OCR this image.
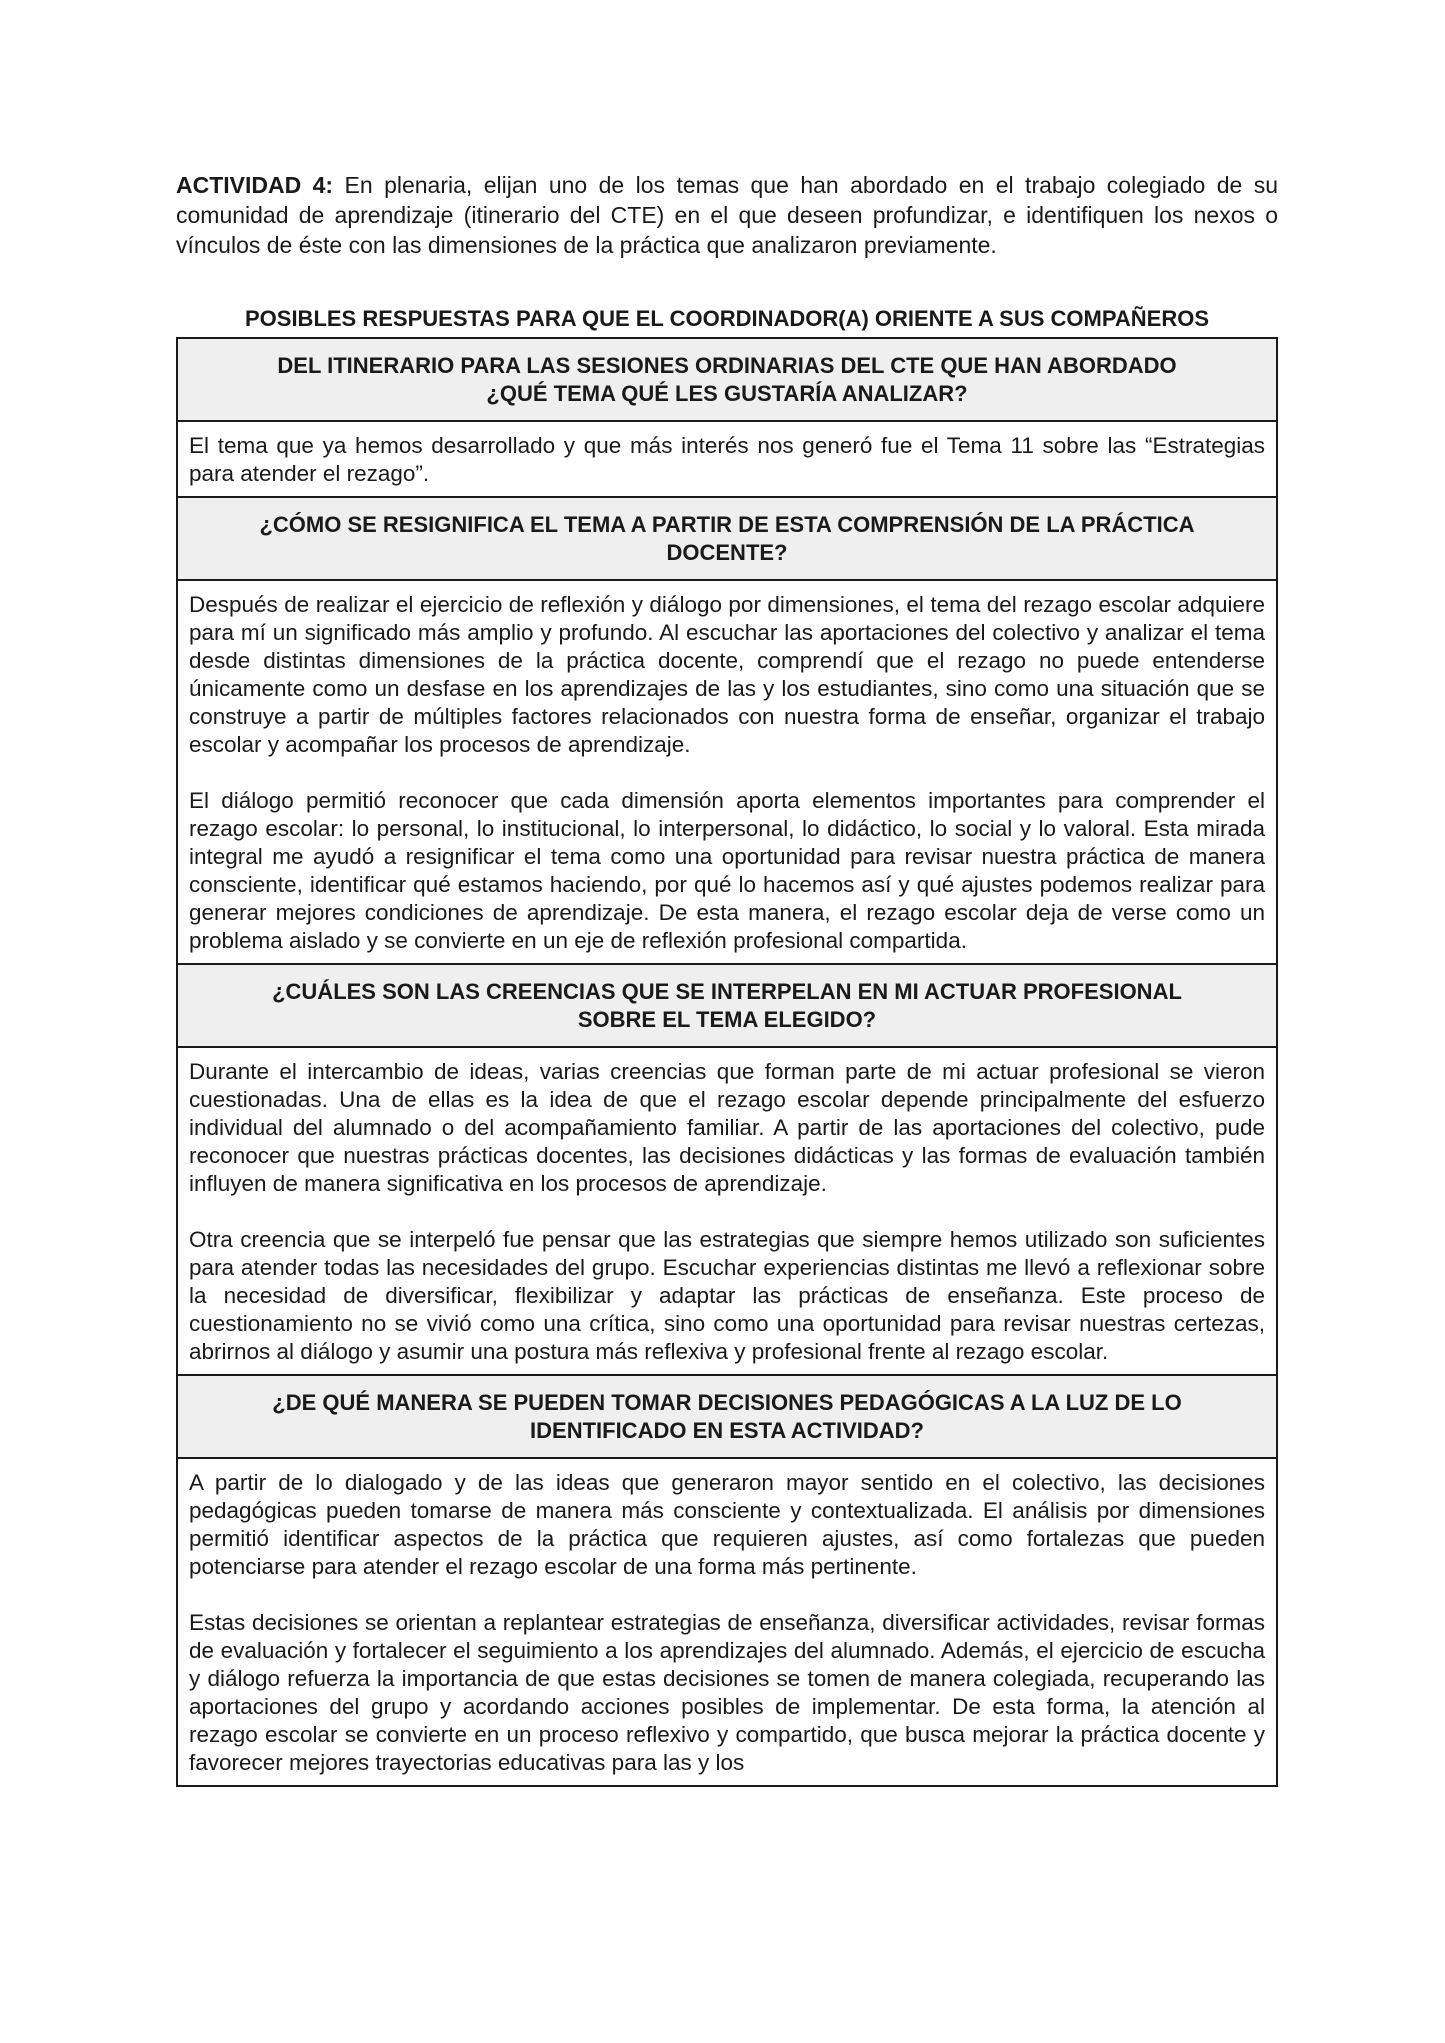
ACTIVIDAD 4: En plenaria, elijan uno de los temas que han abordado en el trabajo colegiado de su comunidad de aprendizaje (itinerario del CTE) en el que deseen profundizar, e identifiquen los nexos o vínculos de éste con las dimensiones de la práctica que analizaron previamente.

POSIBLES RESPUESTAS PARA QUE EL COORDINADOR(A) ORIENTE A SUS COMPAÑEROS

DEL ITINERARIO PARA LAS SESIONES ORDINARIAS DEL CTE QUE HAN ABORDADO
¿QUÉ TEMA QUÉ LES GUSTARÍA ANALIZAR?

El tema que ya hemos desarrollado y que más interés nos generó fue el Tema 11 sobre las “Estrategias para atender el rezago”.

¿CÓMO SE RESIGNIFICA EL TEMA A PARTIR DE ESTA COMPRENSIÓN DE LA PRÁCTICA
DOCENTE?

Después de realizar el ejercicio de reflexión y diálogo por dimensiones, el tema del rezago escolar adquiere para mí un significado más amplio y profundo. Al escuchar las aportaciones del colectivo y analizar el tema desde distintas dimensiones de la práctica docente, comprendí que el rezago no puede entenderse únicamente como un desfase en los aprendizajes de las y los estudiantes, sino como una situación que se construye a partir de múltiples factores relacionados con nuestra forma de enseñar, organizar el trabajo escolar y acompañar los procesos de aprendizaje.

El diálogo permitió reconocer que cada dimensión aporta elementos importantes para comprender el rezago escolar: lo personal, lo institucional, lo interpersonal, lo didáctico, lo social y lo valoral. Esta mirada integral me ayudó a resignificar el tema como una oportunidad para revisar nuestra práctica de manera consciente, identificar qué estamos haciendo, por qué lo hacemos así y qué ajustes podemos realizar para generar mejores condiciones de aprendizaje. De esta manera, el rezago escolar deja de verse como un problema aislado y se convierte en un eje de reflexión profesional compartida.

¿CUÁLES SON LAS CREENCIAS QUE SE INTERPELAN EN MI ACTUAR PROFESIONAL
SOBRE EL TEMA ELEGIDO?

Durante el intercambio de ideas, varias creencias que forman parte de mi actuar profesional se vieron cuestionadas. Una de ellas es la idea de que el rezago escolar depende principalmente del esfuerzo individual del alumnado o del acompañamiento familiar. A partir de las aportaciones del colectivo, pude reconocer que nuestras prácticas docentes, las decisiones didácticas y las formas de evaluación también influyen de manera significativa en los procesos de aprendizaje.

Otra creencia que se interpeló fue pensar que las estrategias que siempre hemos utilizado son suficientes para atender todas las necesidades del grupo. Escuchar experiencias distintas me llevó a reflexionar sobre la necesidad de diversificar, flexibilizar y adaptar las prácticas de enseñanza. Este proceso de cuestionamiento no se vivió como una crítica, sino como una oportunidad para revisar nuestras certezas, abrirnos al diálogo y asumir una postura más reflexiva y profesional frente al rezago escolar.

¿DE QUÉ MANERA SE PUEDEN TOMAR DECISIONES PEDAGÓGICAS A LA LUZ DE LO
IDENTIFICADO EN ESTA ACTIVIDAD?

A partir de lo dialogado y de las ideas que generaron mayor sentido en el colectivo, las decisiones pedagógicas pueden tomarse de manera más consciente y contextualizada. El análisis por dimensiones permitió identificar aspectos de la práctica que requieren ajustes, así como fortalezas que pueden potenciarse para atender el rezago escolar de una forma más pertinente.

Estas decisiones se orientan a replantear estrategias de enseñanza, diversificar actividades, revisar formas de evaluación y fortalecer el seguimiento a los aprendizajes del alumnado. Además, el ejercicio de escucha y diálogo refuerza la importancia de que estas decisiones se tomen de manera colegiada, recuperando las aportaciones del grupo y acordando acciones posibles de implementar. De esta forma, la atención al rezago escolar se convierte en un proceso reflexivo y compartido, que busca mejorar la práctica docente y favorecer mejores trayectorias educativas para las y los
